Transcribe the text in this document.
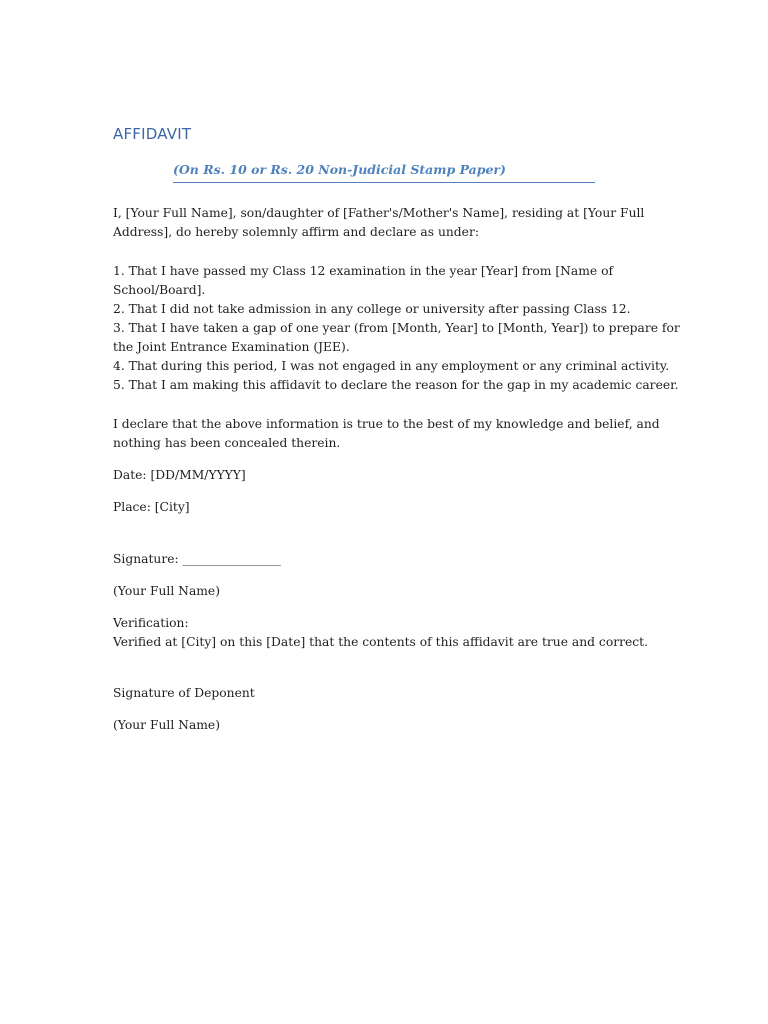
AFFIDAVIT
(On Rs. 10 or Rs. 20 Non-Judicial Stamp Paper)
I, [Your Full Name], son/daughter of [Father's/Mother's Name], residing at [Your Full
Address], do hereby solemnly affirm and declare as under:
1. That I have passed my Class 12 examination in the year [Year] from [Name of
School/Board].
2. That I did not take admission in any college or university after passing Class 12.
3. That I have taken a gap of one year (from [Month, Year] to [Month, Year]) to prepare for
the Joint Entrance Examination (JEE).
4. That during this period, I was not engaged in any employment or any criminal activity.
5. That I am making this affidavit to declare the reason for the gap in my academic career.
I declare that the above information is true to the best of my knowledge and belief, and
nothing has been concealed therein.
Date: [DD/MM/YYYY]
Place: [City]
Signature: ________________
(Your Full Name)
Verification:
Verified at [City] on this [Date] that the contents of this affidavit are true and correct.
Signature of Deponent
(Your Full Name)
